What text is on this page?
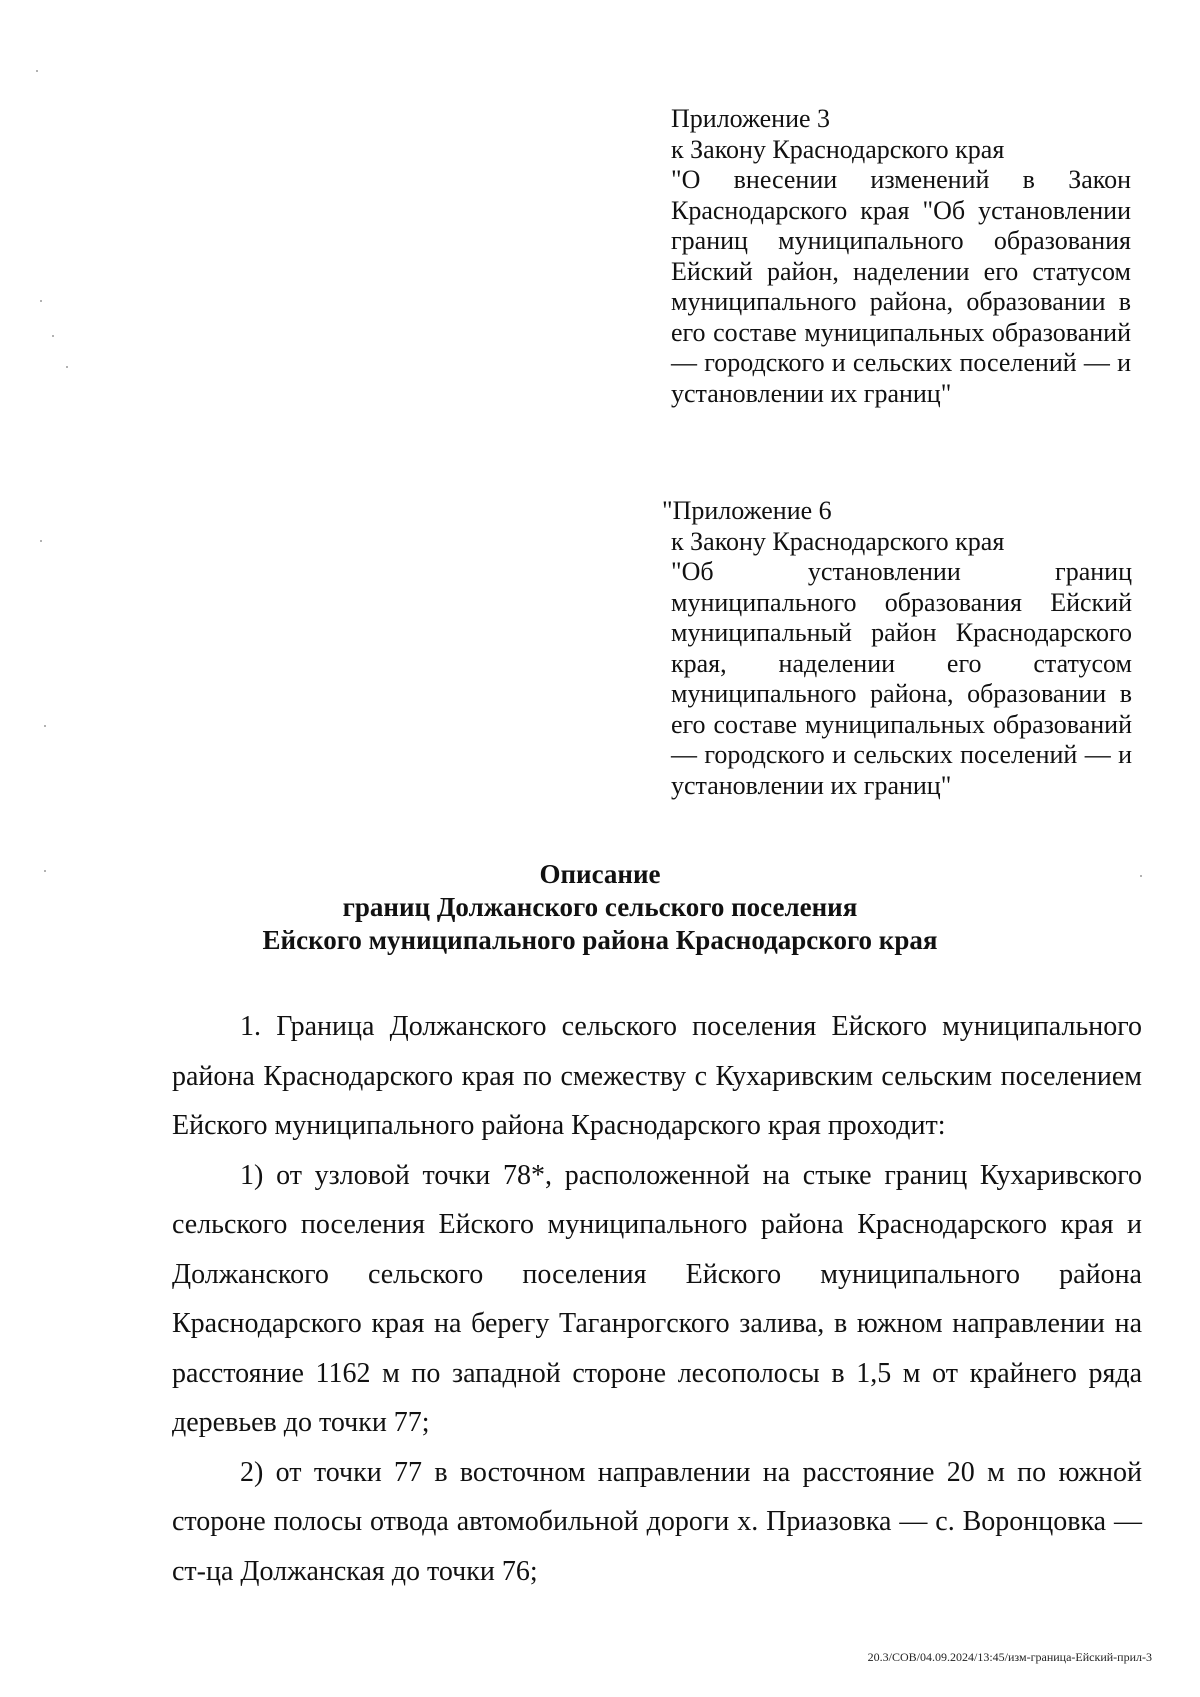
Приложение 3
к Закону Краснодарского края
"О внесении изменений в Закон Краснодарского края "Об установлении границ муниципального образования Ейский район, наделении его статусом муниципального района, образовании в его составе муниципальных образований — городского и сельских поселений — и установлении их границ"
"Приложение 6
к Закону Краснодарского края
"Об установлении границ муниципального образования Ейский муниципальный район Краснодарского края, наделении его статусом муниципального района, образовании в его составе муниципальных образований — городского и сельских поселений — и установлении их границ"
Описание
границ Должанского сельского поселения
Ейского муниципального района Краснодарского края

1. Граница Должанского сельского поселения Ейского муниципального района Краснодарского края по смежеству с Кухаривским сельским поселением Ейского муниципального района Краснодарского края проходит:

1) от узловой точки 78*, расположенной на стыке границ Кухаривского сельского поселения Ейского муниципального района Краснодарского края и Должанского сельского поселения Ейского муниципального района Краснодарского края на берегу Таганрогского залива, в южном направлении на расстояние 1162 м по западной стороне лесополосы в 1,5 м от крайнего ряда деревьев до точки 77;

2) от точки 77 в восточном направлении на расстояние 20 м по южной стороне полосы отвода автомобильной дороги х. Приазовка — с. Воронцовка — ст-ца Должанская до точки 76;

20.3/СОВ/04.09.2024/13:45/изм-граница-Ейский-прил-3
